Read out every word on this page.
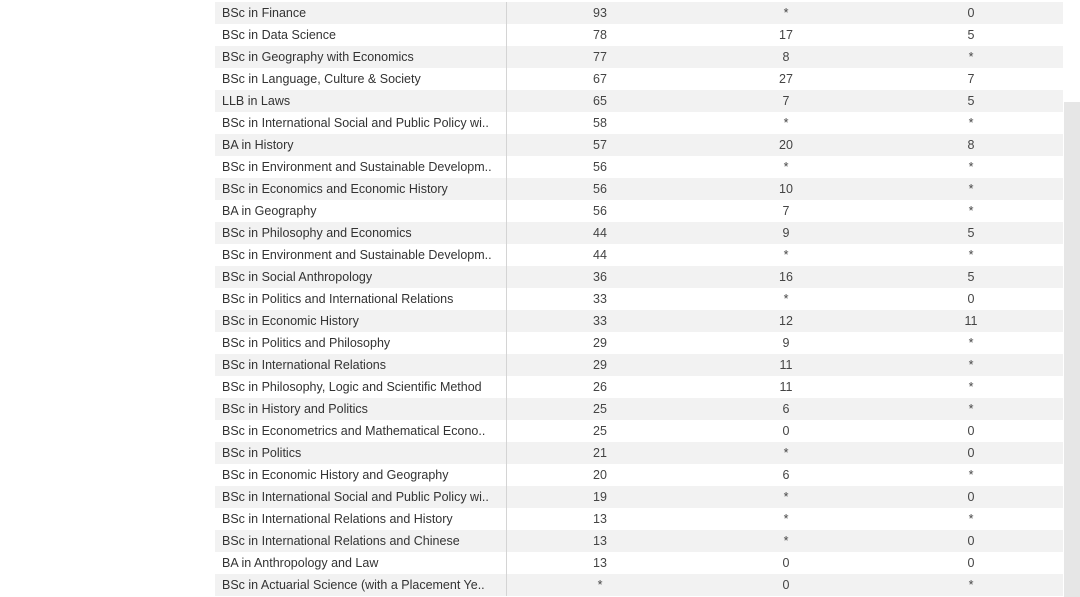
BSc in Finance	93	*	0
BSc in Data Science	78	17	5
BSc in Geography with Economics	77	8	*
BSc in Language, Culture & Society	67	27	7
LLB in Laws	65	7	5
BSc in International Social and Public Policy wi..	58	*	*
BA in History	57	20	8
BSc in Environment and Sustainable Developm..	56	*	*
BSc in Economics and Economic History	56	10	*
BA in Geography	56	7	*
BSc in Philosophy and Economics	44	9	5
BSc in Environment and Sustainable Developm..	44	*	*
BSc in Social Anthropology	36	16	5
BSc in Politics and International Relations	33	*	0
BSc in Economic History	33	12	11
BSc in Politics and Philosophy	29	9	*
BSc in International Relations	29	11	*
BSc in Philosophy, Logic and Scientific Method	26	11	*
BSc in History and Politics	25	6	*
BSc in Econometrics and Mathematical Econo..	25	0	0
BSc in Politics	21	*	0
BSc in Economic History and Geography	20	6	*
BSc in International Social and Public Policy wi..	19	*	0
BSc in International Relations and History	13	*	*
BSc in International Relations and Chinese	13	*	0
BA in Anthropology and Law	13	0	0
BSc in Actuarial Science (with a Placement Ye..	*	0	*
